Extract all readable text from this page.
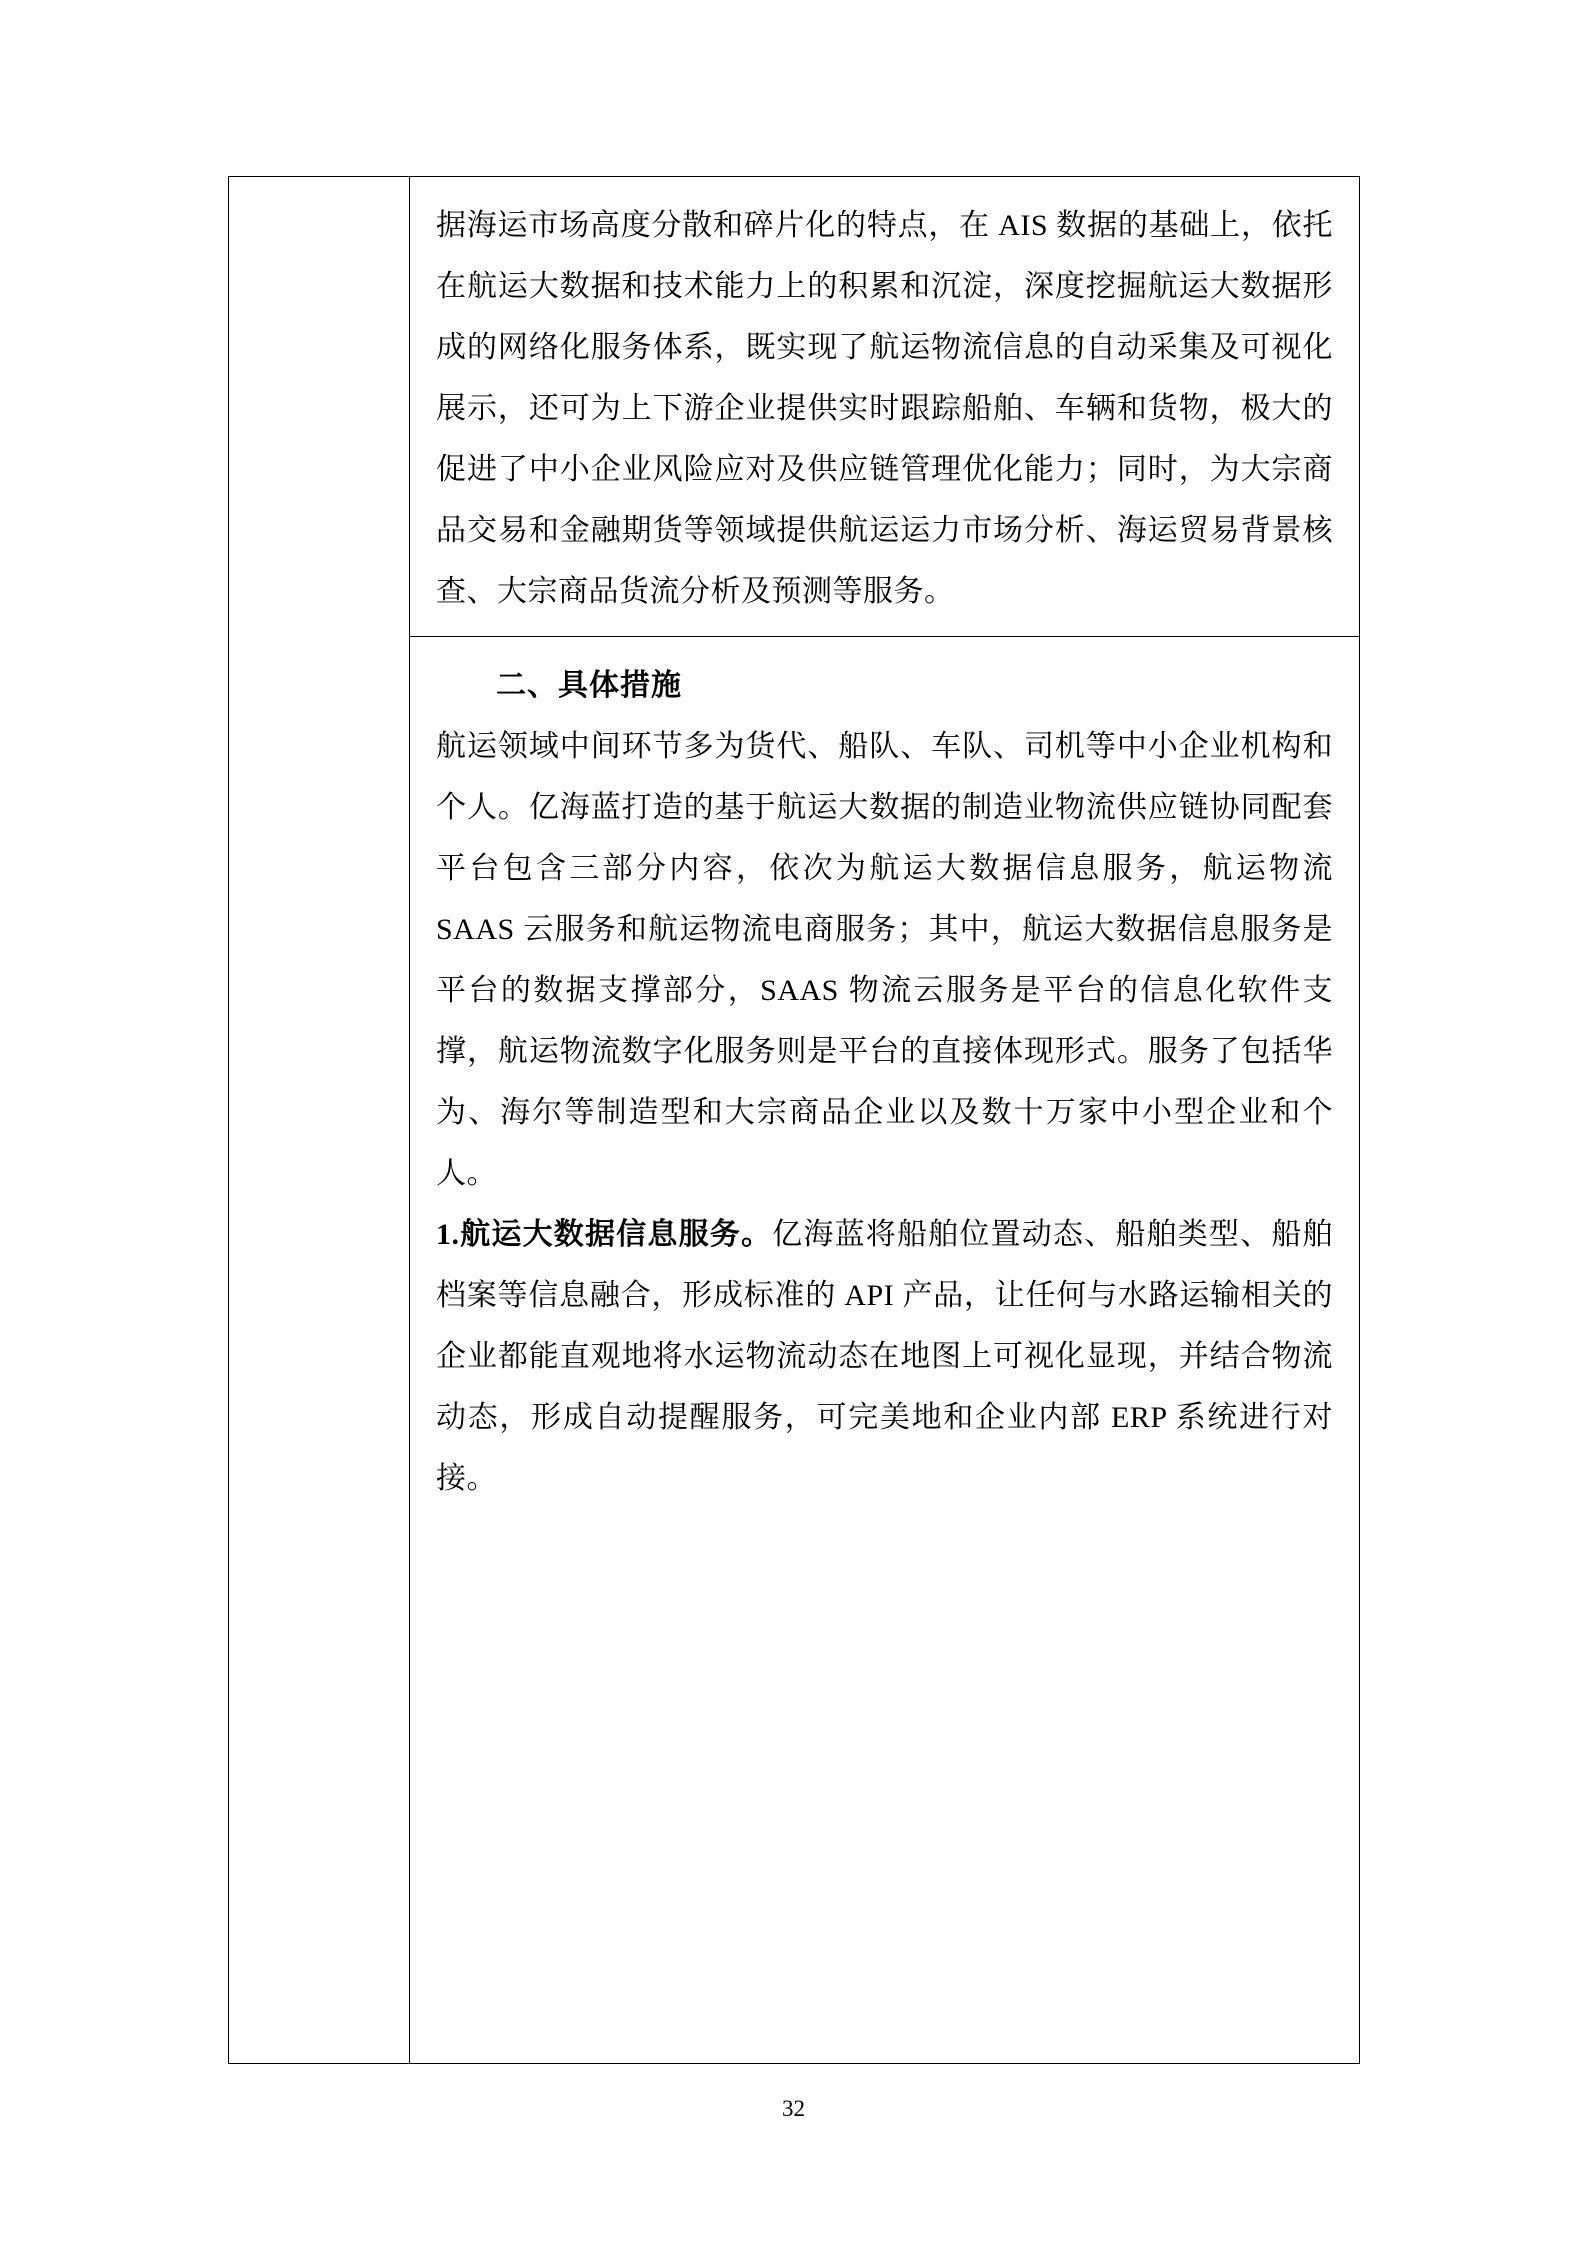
据海运市场高度分散和碎片化的特点，在 AIS 数据的基础上，依托在航运大数据和技术能力上的积累和沉淀，深度挖掘航运大数据形成的网络化服务体系，既实现了航运物流信息的自动采集及可视化展示，还可为上下游企业提供实时跟踪船舶、车辆和货物，极大的促进了中小企业风险应对及供应链管理优化能力；同时，为大宗商品交易和金融期货等领域提供航运运力市场分析、海运贸易背景核查、大宗商品货流分析及预测等服务。

二、具体措施

航运领域中间环节多为货代、船队、车队、司机等中小企业机构和个人。亿海蓝打造的基于航运大数据的制造业物流供应链协同配套平台包含三部分内容，依次为航运大数据信息服务，航运物流 SAAS 云服务和航运物流电商服务；其中，航运大数据信息服务是平台的数据支撑部分，SAAS 物流云服务是平台的信息化软件支撑，航运物流数字化服务则是平台的直接体现形式。服务了包括华为、海尔等制造型和大宗商品企业以及数十万家中小型企业和个人。

1.航运大数据信息服务。亿海蓝将船舶位置动态、船舶类型、船舶档案等信息融合，形成标准的 API 产品，让任何与水路运输相关的企业都能直观地将水运物流动态在地图上可视化显现，并结合物流动态，形成自动提醒服务，可完美地和企业内部 ERP 系统进行对接。

32
